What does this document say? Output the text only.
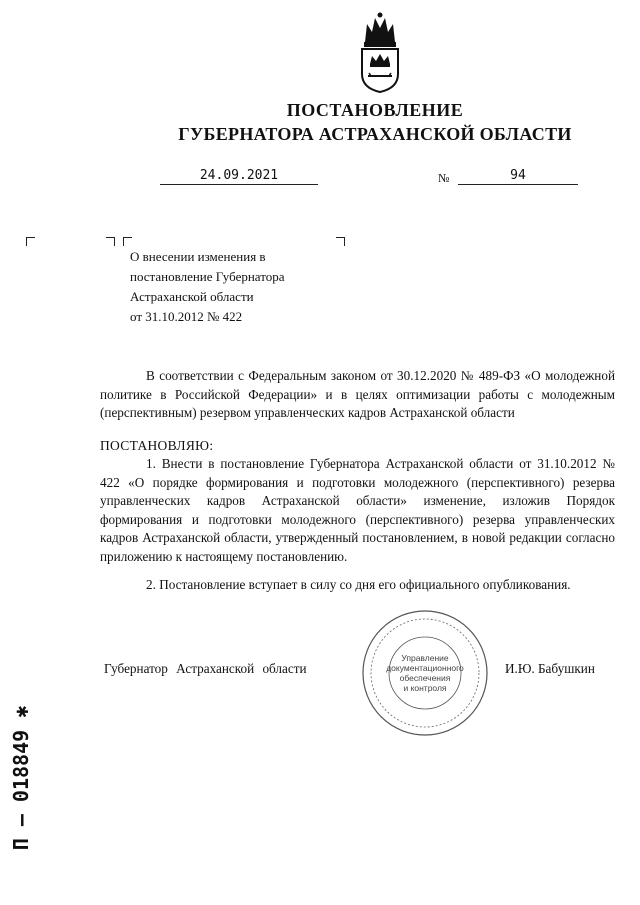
ПОСТАНОВЛЕНИЕ
ГУБЕРНАТОРА АСТРАХАНСКОЙ ОБЛАСТИ
24.09.2021	№	94
О внесении изменения в
постановление Губернатора
Астраханской области
от 31.10.2012 № 422
В соответствии с Федеральным законом от 30.12.2020 № 489-ФЗ «О молодежной политике в Российской Федерации» и в целях оптимизации работы с молодежным (перспективным) резервом управленческих кадров Астраханской области
ПОСТАНОВЛЯЮ:
1. Внести в постановление Губернатора Астраханской области от 31.10.2012 № 422 «О порядке формирования и подготовки молодежного (перспективного) резерва управленческих кадров Астраханской области» изменение, изложив Порядок формирования и подготовки молодежного (перспективного) резерва управленческих кадров Астраханской области, утвержденный постановлением, в новой редакции согласно приложению к настоящему постановлению.
2. Постановление вступает в силу со дня его официального опубликования.
Управление
документационного
обеспечения
и контроля
Губернатор Астраханской области	И.Ю. Бабушкин
П – 018849 ✱
